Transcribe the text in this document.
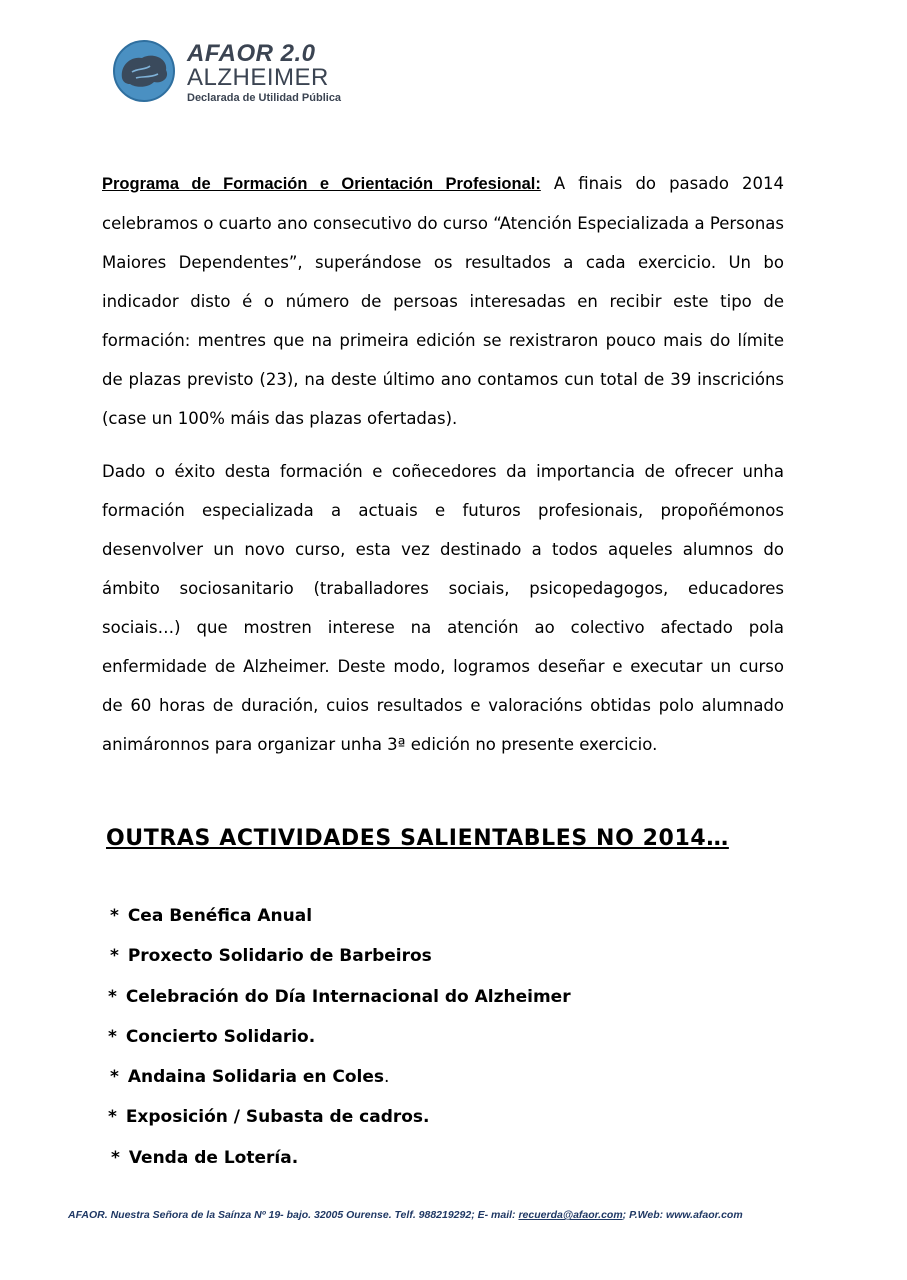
AFAOR 2.0
ALZHEIMER
Declarada de Utilidad Pública

Programa de Formación e Orientación Profesional: A finais do pasado 2014 celebramos o cuarto ano consecutivo do curso “Atención Especializada a Personas Maiores Dependentes”, superándose os resultados a cada exercicio. Un bo indicador disto é o número de persoas interesadas en recibir este tipo de formación: mentres que na primeira edición se rexistraron pouco mais do límite de plazas previsto (23), na deste último ano contamos cun total de 39 inscricións (case un 100% máis das plazas ofertadas).

Dado o éxito desta formación e coñecedores da importancia de ofrecer unha formación especializada a actuais e futuros profesionais, propoñémonos desenvolver un novo curso, esta vez destinado a todos aqueles alumnos do ámbito sociosanitario (traballadores sociais, psicopedagogos, educadores sociais…) que mostren interese na atención ao colectivo afectado pola enfermidade de Alzheimer. Deste modo, logramos deseñar e executar un curso de 60 horas de duración, cuios resultados e valoracións obtidas polo alumnado animáronnos para organizar unha 3ª edición no presente exercicio.

OUTRAS ACTIVIDADES SALIENTABLES NO 2014…
* Cea Benéfica Anual
* Proxecto Solidario de Barbeiros
* Celebración do Día Internacional do Alzheimer
* Concierto Solidario.
* Andaina Solidaria en Coles.
* Exposición / Subasta de cadros.
* Venda de Lotería.

AFAOR. Nuestra Señora de la Saínza Nº 19- bajo. 32005 Ourense. Telf. 988219292; E- mail: recuerda@afaor.com; P.Web: www.afaor.com
